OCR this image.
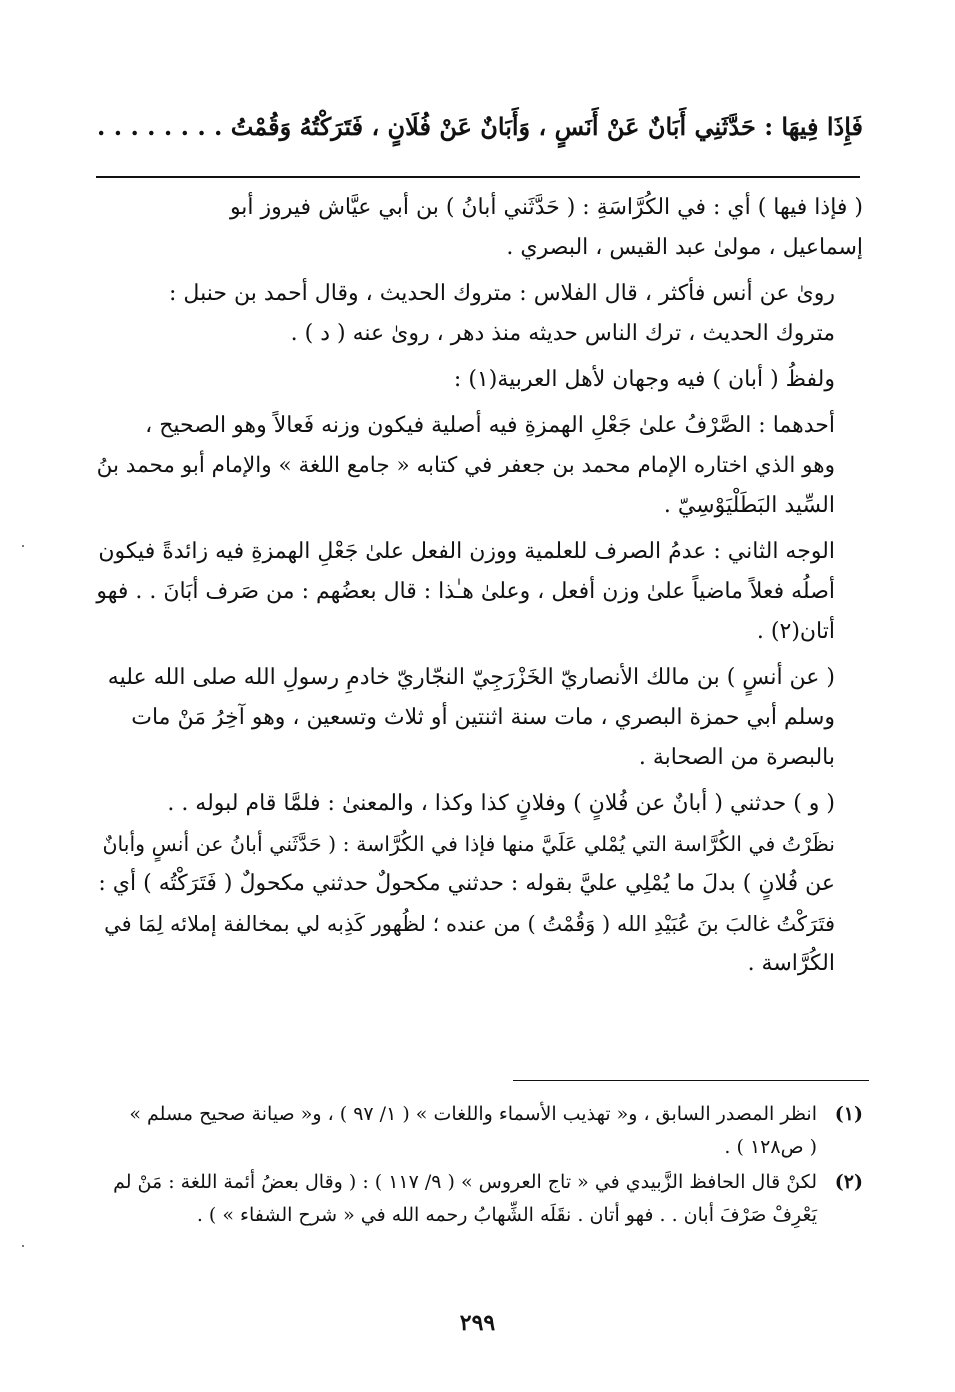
فَإِذَا فِيهَا : حَدَّثَنِي أَبَانٌ عَنْ أَنَسٍ ، وَأَبَانٌ عَنْ فُلَانٍ ، فَتَرَكْتُهُ وَقُمْتُ . . . . . . . .
( فإذا فيها ) أي : في الكُرَّاسَةِ : ( حَدَّثَني أبانُ ) بن أبي عيَّاش فيروز أبو
إسماعيل ، مولىٰ عبد القيس ، البصري .
روىٰ عن أنس فأكثر ، قال الفلاس : متروك الحديث ، وقال أحمد بن حنبل :
متروك الحديث ، ترك الناس حديثه منذ دهر ، روىٰ عنه ( د ) .
ولفظُ ( أبان ) فيه وجهان لأهل العربية(١) :
أحدهما : الصَّرْفُ علىٰ جَعْلِ الهمزةِ فيه أصلية فيكون وزنه فَعالاً وهو الصحيح ،
وهو الذي اختاره الإمام محمد بن جعفر في كتابه « جامع اللغة » والإمام أبو محمد بنُ
السِّيد البَطَلْيَوْسِيّ .
الوجه الثاني : عدمُ الصرف للعلمية ووزن الفعل علىٰ جَعْلِ الهمزةِ فيه زائدةً فيكون
أصلُه فعلاً ماضياً علىٰ وزن أفعل ، وعلىٰ هـٰذا : قال بعضُهم : من صَرف أبَانَ . . فهو
أتان(٢) .
( عن أنسٍ ) بن مالك الأنصاريّ الخَزْرَجِيّ النجّاريّ خادمِ رسولِ الله صلى الله عليه
وسلم أبي حمزة البصري ، مات سنة اثنتين أو ثلاث وتسعين ، وهو آخِرُ مَنْ مات
بالبصرة من الصحابة .
( و ) حدثني ( أبانٌ عن فُلانٍ ) وفلانٍ كذا وكذا ، والمعنىٰ : فلمَّا قام لبوله . .
نظَرْتُ في الكُرَّاسة التي يُمْلي عَلَيَّ منها فإذا في الكُرَّاسة : ( حَدَّثَني أبانُ عن أنسٍ وأبانٌ
عن فُلانٍ ) بدلَ ما يُمْلِي عليَّ بقوله : حدثني مكحولٌ حدثني مكحولٌ ( فَتَرَكْتُه ) أي :
فتَرَكْتُ غالبَ بنَ عُبَيْدِ الله ( وَقُمْتُ ) من عنده ؛ لظُهور كَذِبه لي بمخالفة إملائه لِمَا في
الكُرَّاسة .
(١)
انظر المصدر السابق ، و« تهذيب الأسماء واللغات » ( ١/ ٩٧ ) ، و« صيانة صحيح مسلم »
( ص١٢٨ ) .
(٢)
لكنْ قال الحافظ الزَّبيدي في « تاج العروس » ( ٩/ ١١٧ ) : ( وقال بعضُ أئمة اللغة : مَنْ لم
يَعْرِفْ صَرْفَ أبان . . فهو أتان . نقَلَه الشِّهابُ رحمه الله في « شرح الشفاء » ) .
٢٩٩
